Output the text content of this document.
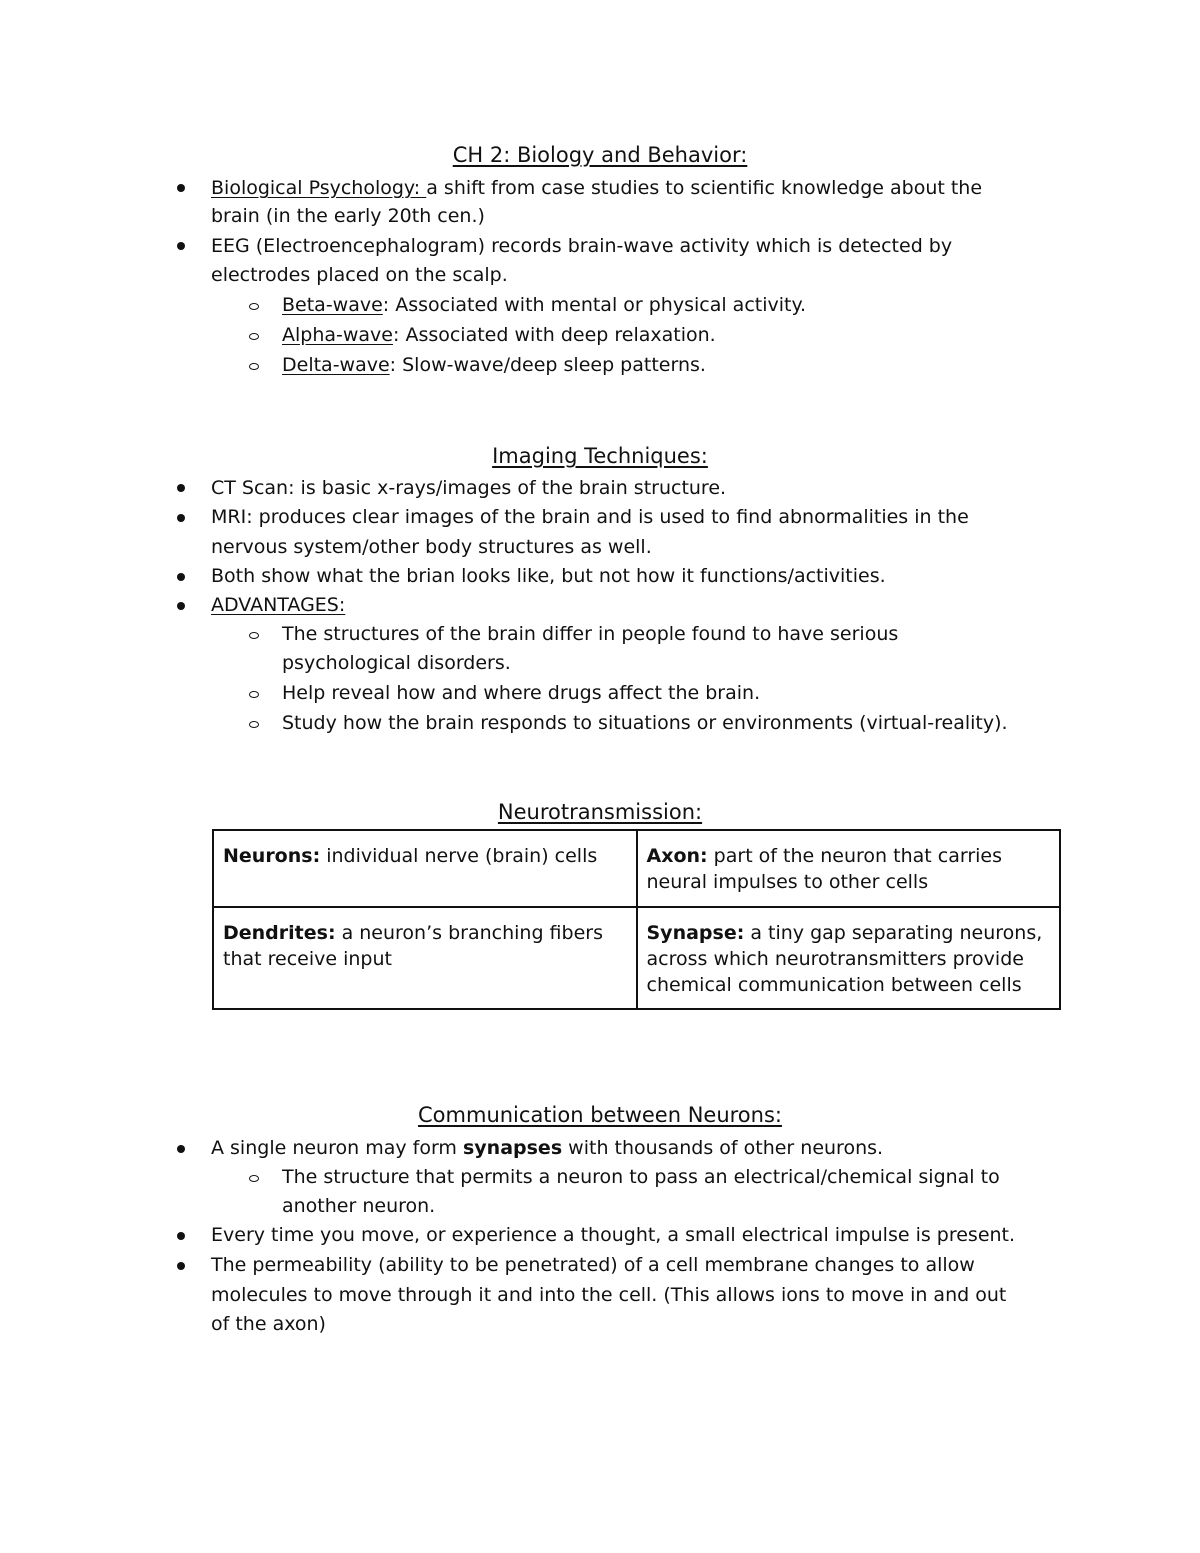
CH 2: Biology and Behavior:
Biological Psychology: a shift from case studies to scientific knowledge about the
brain (in the early 20th cen.)
EEG (Electroencephalogram) records brain-wave activity which is detected by
electrodes placed on the scalp.
Beta-wave: Associated with mental or physical activity.
Alpha-wave: Associated with deep relaxation.
Delta-wave: Slow-wave/deep sleep patterns.
Imaging Techniques:
CT Scan: is basic x-rays/images of the brain structure.
MRI: produces clear images of the brain and is used to find abnormalities in the
nervous system/other body structures as well.
Both show what the brian looks like, but not how it functions/activities.
ADVANTAGES:
The structures of the brain differ in people found to have serious
psychological disorders.
Help reveal how and where drugs affect the brain.
Study how the brain responds to situations or environments (virtual-reality).
Neurotransmission:
Neurons: individual nerve (brain) cells	Axon: part of the neuron that carries neural impulses to other cells
Dendrites: a neuron’s branching fibers that receive input	Synapse: a tiny gap separating neurons, across which neurotransmitters provide chemical communication between cells
Communication between Neurons:
A single neuron may form synapses with thousands of other neurons.
The structure that permits a neuron to pass an electrical/chemical signal to
another neuron.
Every time you move, or experience a thought, a small electrical impulse is present.
The permeability (ability to be penetrated) of a cell membrane changes to allow
molecules to move through it and into the cell. (This allows ions to move in and out
of the axon)
